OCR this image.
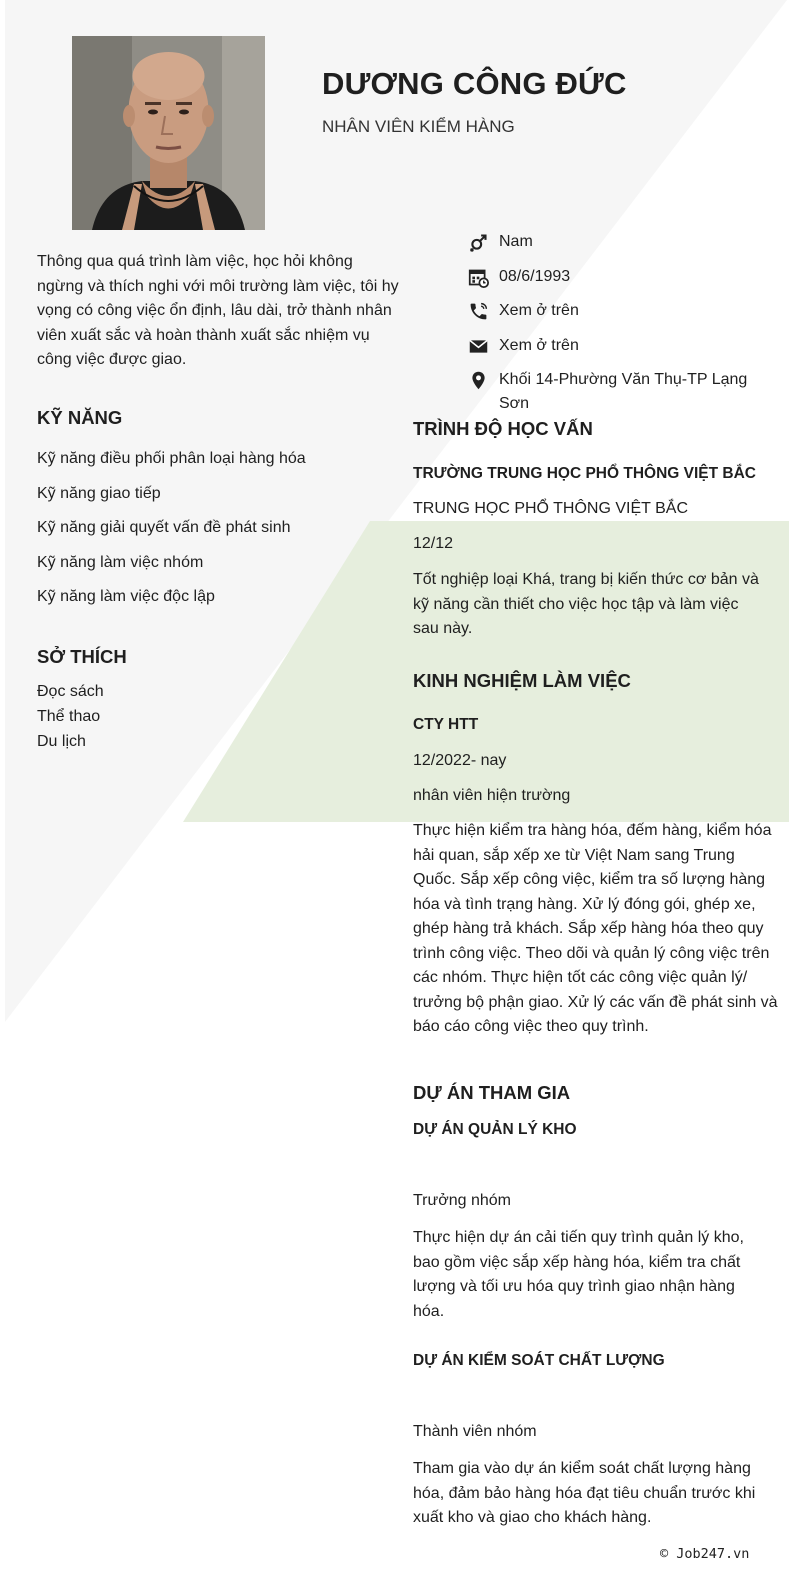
DƯƠNG CÔNG ĐỨC

NHÂN VIÊN KIỂM HÀNG

Thông qua quá trình làm việc, học hỏi không ngừng và thích nghi với môi trường làm việc, tôi hy vọng có công việc ổn định, lâu dài, trở thành nhân viên xuất sắc và hoàn thành xuất sắc nhiệm vụ công việc được giao.

Nam
08/6/1993
Xem ở trên
Xem ở trên
Khối 14-Phường Văn Thụ-TP Lạng Sơn
KỸ NĂNG
Kỹ năng điều phối phân loại hàng hóa
Kỹ năng giao tiếp
Kỹ năng giải quyết vấn đề phát sinh
Kỹ năng làm việc nhóm
Kỹ năng làm việc độc lập
SỞ THÍCH
Đọc sách
Thể thao
Du lịch
TRÌNH ĐỘ HỌC VẤN

TRƯỜNG TRUNG HỌC PHỔ THÔNG VIỆT BẮC

TRUNG HỌC PHỔ THÔNG VIỆT BẮC

12/12

Tốt nghiệp loại Khá, trang bị kiến thức cơ bản và kỹ năng cần thiết cho việc học tập và làm việc sau này.

KINH NGHIỆM LÀM VIỆC

CTY HTT

12/2022- nay

nhân viên hiện trường

Thực hiện kiểm tra hàng hóa, đếm hàng, kiểm hóa hải quan, sắp xếp xe từ Việt Nam sang Trung Quốc. Sắp xếp công việc, kiểm tra số lượng hàng hóa và tình trạng hàng. Xử lý đóng gói, ghép xe, ghép hàng trả khách. Sắp xếp hàng hóa theo quy trình công việc. Theo dõi và quản lý công việc trên các nhóm. Thực hiện tốt các công việc quản lý/ trưởng bộ phận giao. Xử lý các vấn đề phát sinh và báo cáo công việc theo quy trình.

DỰ ÁN THAM GIA

DỰ ÁN QUẢN LÝ KHO

Trưởng nhóm

Thực hiện dự án cải tiến quy trình quản lý kho, bao gồm việc sắp xếp hàng hóa, kiểm tra chất lượng và tối ưu hóa quy trình giao nhận hàng hóa.

DỰ ÁN KIỂM SOÁT CHẤT LƯỢNG

Thành viên nhóm

Tham gia vào dự án kiểm soát chất lượng hàng hóa, đảm bảo hàng hóa đạt tiêu chuẩn trước khi xuất kho và giao cho khách hàng.

© Job247.vn
